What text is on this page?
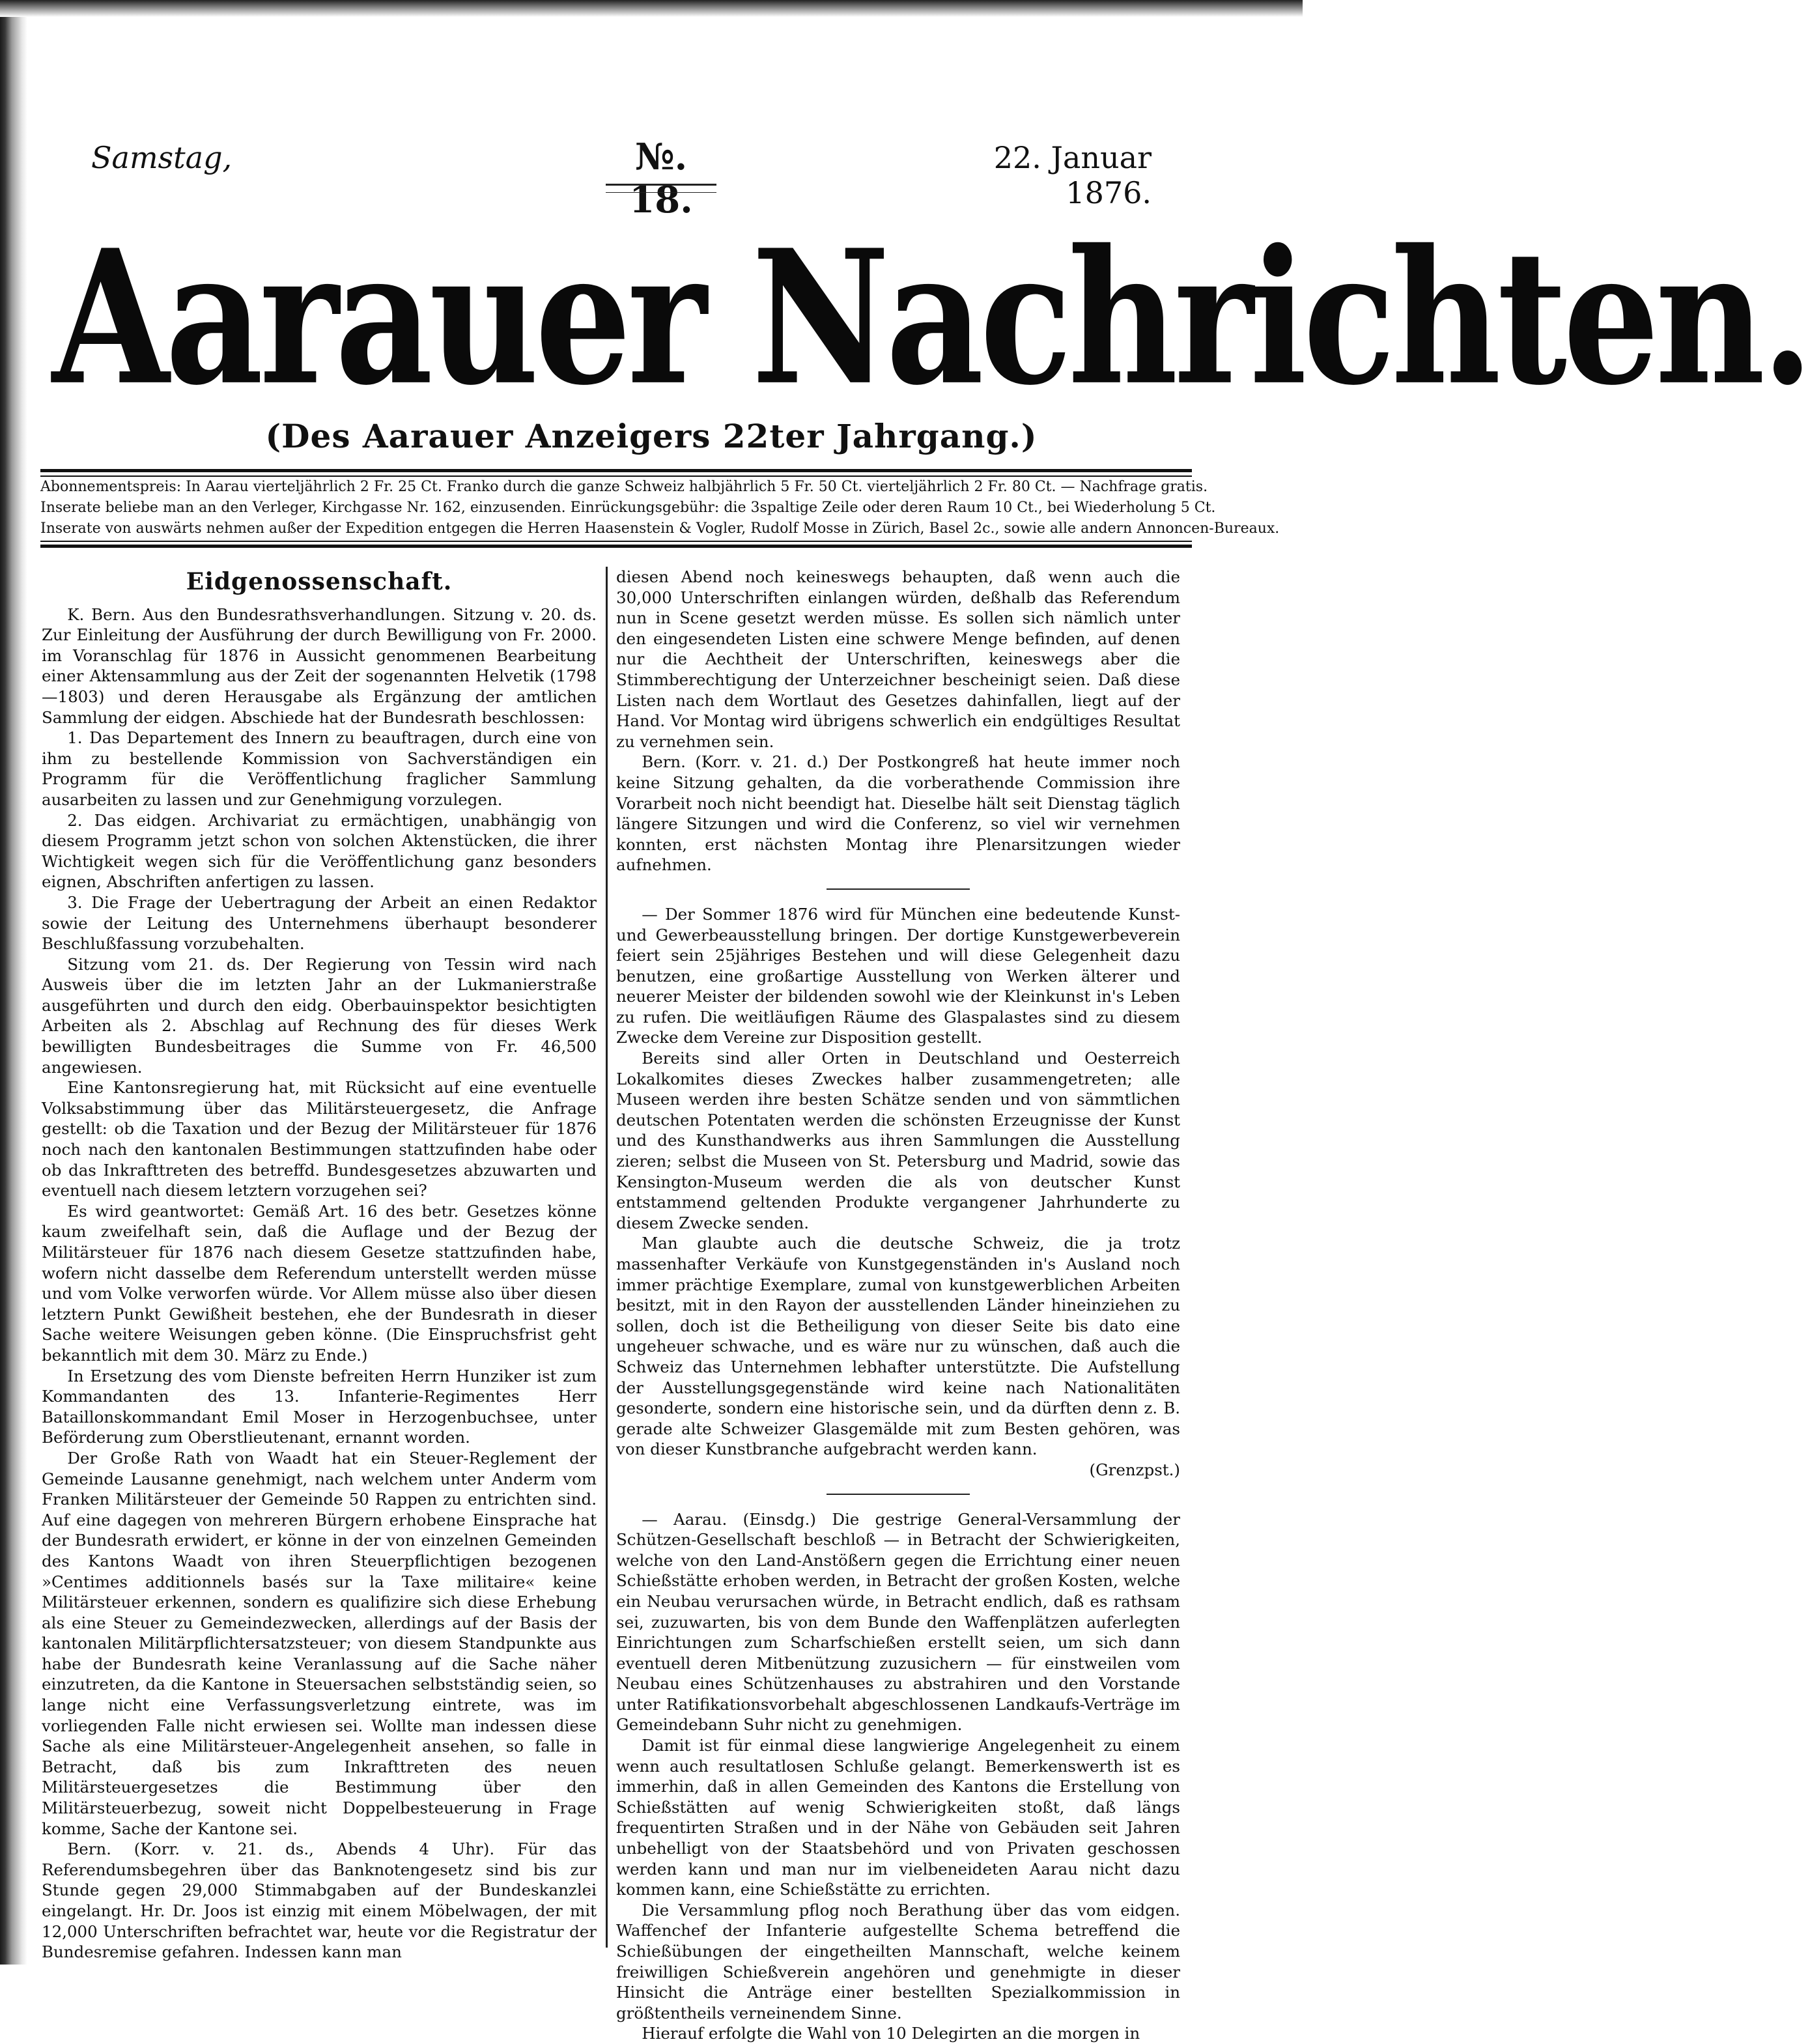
Samstag,	№. 18.
22. Januar 1876.
Aarauer Nachrichten.
(Des Aarauer Anzeigers 22ter Jahrgang.)
Abonnementspreis: In Aarau vierteljährlich 2 Fr. 25 Ct. Franko durch die ganze Schweiz halbjährlich 5 Fr. 50 Ct. vierteljährlich 2 Fr. 80 Ct. — Nachfrage gratis.
Inserate beliebe man an den Verleger, Kirchgasse Nr. 162, einzusenden. Einrückungsgebühr: die 3spaltige Zeile oder deren Raum 10 Ct., bei Wiederholung 5 Ct.
Inserate von auswärts nehmen außer der Expedition entgegen die Herren Haasenstein & Vogler, Rudolf Mosse in Zürich, Basel 2c., sowie alle andern Annoncen-Bureaux.
Eidgenossenschaft.

K. Bern. Aus den Bundesrathsverhandlungen. Sitzung v. 20. ds. Zur Einleitung der Ausführung der durch Bewilligung von Fr. 2000. im Voranschlag für 1876 in Aussicht genommenen Bearbeitung einer Aktensammlung aus der Zeit der sogenannten Helvetik (1798—1803) und deren Herausgabe als Ergänzung der amtlichen Sammlung der eidgen. Abschiede hat der Bundesrath beschlossen:

1. Das Departement des Innern zu beauftragen, durch eine von ihm zu bestellende Kommission von Sachverständigen ein Programm für die Veröffentlichung fraglicher Sammlung ausarbeiten zu lassen und zur Genehmigung vorzulegen.

2. Das eidgen. Archivariat zu ermächtigen, unabhängig von diesem Programm jetzt schon von solchen Aktenstücken, die ihrer Wichtigkeit wegen sich für die Veröffentlichung ganz besonders eignen, Abschriften anfertigen zu lassen.

3. Die Frage der Uebertragung der Arbeit an einen Redaktor sowie der Leitung des Unternehmens überhaupt besonderer Beschlußfassung vorzubehalten.

Sitzung vom 21. ds. Der Regierung von Tessin wird nach Ausweis über die im letzten Jahr an der Lukmanierstraße ausgeführten und durch den eidg. Oberbauinspektor besichtigten Arbeiten als 2. Abschlag auf Rechnung des für dieses Werk bewilligten Bundesbeitrages die Summe von Fr. 46,500 angewiesen.

Eine Kantonsregierung hat, mit Rücksicht auf eine eventuelle Volksabstimmung über das Militärsteuergesetz, die Anfrage gestellt: ob die Taxation und der Bezug der Militärsteuer für 1876 noch nach den kantonalen Bestimmungen stattzufinden habe oder ob das Inkrafttreten des betreffd. Bundesgesetzes abzuwarten und eventuell nach diesem letztern vorzugehen sei?

Es wird geantwortet: Gemäß Art. 16 des betr. Gesetzes könne kaum zweifelhaft sein, daß die Auflage und der Bezug der Militärsteuer für 1876 nach diesem Gesetze stattzufinden habe, wofern nicht dasselbe dem Referendum unterstellt werden müsse und vom Volke verworfen würde. Vor Allem müsse also über diesen letztern Punkt Gewißheit bestehen, ehe der Bundesrath in dieser Sache weitere Weisungen geben könne. (Die Einspruchsfrist geht bekanntlich mit dem 30. März zu Ende.)

In Ersetzung des vom Dienste befreiten Herrn Hunziker ist zum Kommandanten des 13. Infanterie-Regimentes Herr Bataillonskommandant Emil Moser in Herzogenbuchsee, unter Beförderung zum Oberstlieutenant, ernannt worden.

Der Große Rath von Waadt hat ein Steuer-Reglement der Gemeinde Lausanne genehmigt, nach welchem unter Anderm vom Franken Militärsteuer der Gemeinde 50 Rappen zu entrichten sind. Auf eine dagegen von mehreren Bürgern erhobene Einsprache hat der Bundesrath erwidert, er könne in der von einzelnen Gemeinden des Kantons Waadt von ihren Steuerpflichtigen bezogenen »Centimes additionnels basés sur la Taxe militaire« keine Militärsteuer erkennen, sondern es qualifizire sich diese Erhebung als eine Steuer zu Gemeindezwecken, allerdings auf der Basis der kantonalen Militärpflichtersatzsteuer; von diesem Standpunkte aus habe der Bundesrath keine Veranlassung auf die Sache näher einzutreten, da die Kantone in Steuersachen selbstständig seien, so lange nicht eine Verfassungsverletzung eintrete, was im vorliegenden Falle nicht erwiesen sei. Wollte man indessen diese Sache als eine Militärsteuer-Angelegenheit ansehen, so falle in Betracht, daß bis zum Inkrafttreten des neuen Militärsteuergesetzes die Bestimmung über den Militärsteuerbezug, soweit nicht Doppelbesteuerung in Frage komme, Sache der Kantone sei.

Bern. (Korr. v. 21. ds., Abends 4 Uhr). Für das Referendumsbegehren über das Banknotengesetz sind bis zur Stunde gegen 29,000 Stimmabgaben auf der Bundeskanzlei eingelangt. Hr. Dr. Joos ist einzig mit einem Möbelwagen, der mit 12,000 Unterschriften befrachtet war, heute vor die Registratur der Bundesremise gefahren. Indessen kann man

diesen Abend noch keineswegs behaupten, daß wenn auch die 30,000 Unterschriften einlangen würden, deßhalb das Referendum nun in Scene gesetzt werden müsse. Es sollen sich nämlich unter den eingesendeten Listen eine schwere Menge befinden, auf denen nur die Aechtheit der Unterschriften, keineswegs aber die Stimmberechtigung der Unterzeichner bescheinigt seien. Daß diese Listen nach dem Wortlaut des Gesetzes dahinfallen, liegt auf der Hand. Vor Montag wird übrigens schwerlich ein endgültiges Resultat zu vernehmen sein.

Bern. (Korr. v. 21. d.) Der Postkongreß hat heute immer noch keine Sitzung gehalten, da die vorberathende Commission ihre Vorarbeit noch nicht beendigt hat. Dieselbe hält seit Dienstag täglich längere Sitzungen und wird die Conferenz, so viel wir vernehmen konnten, erst nächsten Montag ihre Plenarsitzungen wieder aufnehmen.

— Der Sommer 1876 wird für München eine bedeutende Kunst- und Gewerbeausstellung bringen. Der dortige Kunstgewerbeverein feiert sein 25jähriges Bestehen und will diese Gelegenheit dazu benutzen, eine großartige Ausstellung von Werken älterer und neuerer Meister der bildenden sowohl wie der Kleinkunst in's Leben zu rufen. Die weitläufigen Räume des Glaspalastes sind zu diesem Zwecke dem Vereine zur Disposition gestellt.

Bereits sind aller Orten in Deutschland und Oesterreich Lokalkomites dieses Zweckes halber zusammengetreten; alle Museen werden ihre besten Schätze senden und von sämmtlichen deutschen Potentaten werden die schönsten Erzeugnisse der Kunst und des Kunsthandwerks aus ihren Sammlungen die Ausstellung zieren; selbst die Museen von St. Petersburg und Madrid, sowie das Kensington-Museum werden die als von deutscher Kunst entstammend geltenden Produkte vergangener Jahrhunderte zu diesem Zwecke senden.

Man glaubte auch die deutsche Schweiz, die ja trotz massenhafter Verkäufe von Kunstgegenständen in's Ausland noch immer prächtige Exemplare, zumal von kunstgewerblichen Arbeiten besitzt, mit in den Rayon der ausstellenden Länder hineinziehen zu sollen, doch ist die Betheiligung von dieser Seite bis dato eine ungeheuer schwache, und es wäre nur zu wünschen, daß auch die Schweiz das Unternehmen lebhafter unterstützte. Die Aufstellung der Ausstellungsgegenstände wird keine nach Nationalitäten gesonderte, sondern eine historische sein, und da dürften denn z. B. gerade alte Schweizer Glasgemälde mit zum Besten gehören, was von dieser Kunstbranche aufgebracht werden kann.

(Grenzpst.)

— Aarau. (Einsdg.) Die gestrige General-Versammlung der Schützen-Gesellschaft beschloß — in Betracht der Schwierigkeiten, welche von den Land-Anstößern gegen die Errichtung einer neuen Schießstätte erhoben werden, in Betracht der großen Kosten, welche ein Neubau verursachen würde, in Betracht endlich, daß es rathsam sei, zuzuwarten, bis von dem Bunde den Waffenplätzen auferlegten Einrichtungen zum Scharfschießen erstellt seien, um sich dann eventuell deren Mitbenützung zuzusichern — für einstweilen vom Neubau eines Schützenhauses zu abstrahiren und den Vorstande unter Ratifikationsvorbehalt abgeschlossenen Landkaufs-Verträge im Gemeindebann Suhr nicht zu genehmigen.

Damit ist für einmal diese langwierige Angelegenheit zu einem wenn auch resultatlosen Schluße gelangt. Bemerkenswerth ist es immerhin, daß in allen Gemeinden des Kantons die Erstellung von Schießstätten auf wenig Schwierigkeiten stoßt, daß längs frequentirten Straßen und in der Nähe von Gebäuden seit Jahren unbehelligt von der Staatsbehörd und von Privaten geschossen werden kann und man nur im vielbeneideten Aarau nicht dazu kommen kann, eine Schießstätte zu errichten.

Die Versammlung pflog noch Berathung über das vom eidgen. Waffenchef der Infanterie aufgestellte Schema betreffend die Schießübungen der eingetheilten Mannschaft, welche keinem freiwilligen Schießverein angehören und genehmigte in dieser Hinsicht die Anträge einer bestellten Spezialkommission in größtentheils verneinendem Sinne.

Hierauf erfolgte die Wahl von 10 Delegirten an die morgen in
